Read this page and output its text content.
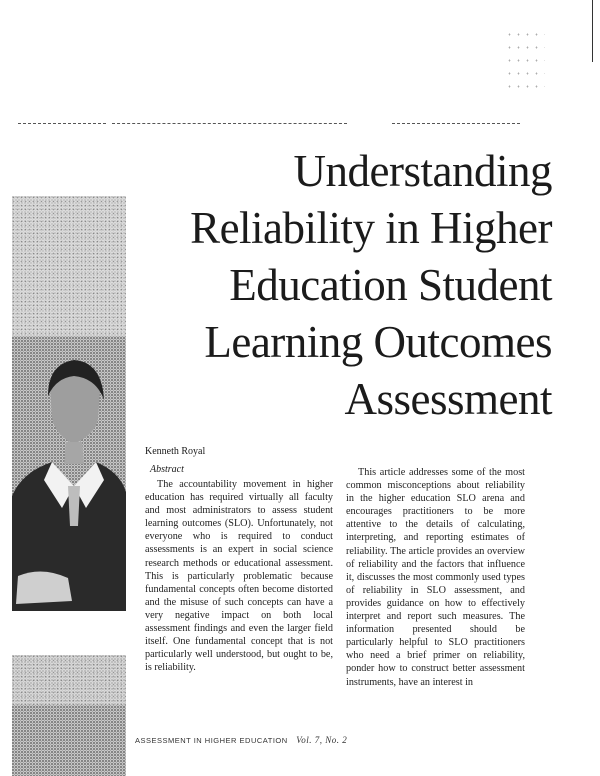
Understanding
Reliability in Higher
Education Student
Learning Outcomes
Assessment
Kenneth Royal
Abstract
The accountability movement in higher education has required virtually all faculty and most administrators to assess student learning outcomes (SLO). Unfortunately, not everyone who is required to conduct assessments is an expert in social science research methods or educational assessment. This is particularly problematic because fundamental concepts often become distorted and the misuse of such concepts can have a very negative impact on both local assessment findings and even the larger field itself. One fundamental concept that is not particularly well understood, but ought to be, is reliability.
This article addresses some of the most common misconceptions about reliability in the higher education SLO arena and encourages practitioners to be more attentive to the details of calculating, interpreting, and reporting estimates of reliability. The article provides an overview of reliability and the factors that influence it, discusses the most commonly used types of reliability in SLO assessment, and provides guidance on how to effectively interpret and report such measures. The information presented should be particularly helpful to SLO practitioners who need a brief primer on reliability, ponder how to construct better assessment instruments, have an interest in
ASSESSMENT IN HIGHER EDUCATION Vol. 7, No. 2
